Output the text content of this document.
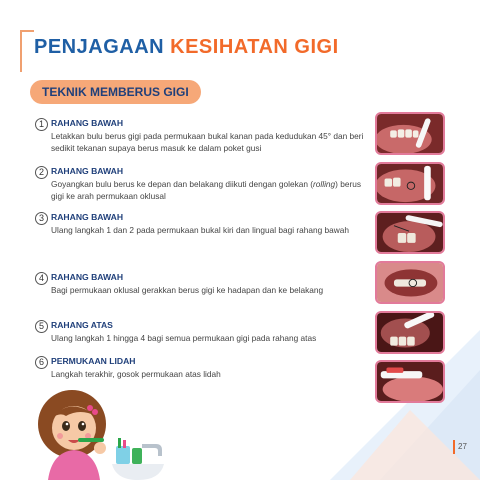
PENJAGAAN KESIHATAN GIGI
TEKNIK MEMBERUS GIGI
1 RAHANG BAWAH
Letakkan bulu berus gigi pada permukaan bukal kanan pada kedudukan 45° dan beri sedikit tekanan supaya berus masuk ke dalam poket gusi
2 RAHANG BAWAH
Goyangkan bulu berus ke depan dan belakang diikuti dengan golekan (rolling) berus gigi ke arah permukaan oklusal
3 RAHANG BAWAH
Ulang langkah 1 dan 2 pada permukaan bukal kiri dan lingual bagi rahang bawah
4 RAHANG BAWAH
Bagi permukaan oklusal gerakkan berus gigi ke hadapan dan ke belakang
5 RAHANG ATAS
Ulang langkah 1 hingga 4 bagi semua permukaan gigi pada rahang atas
6 PERMUKAAN LIDAH
Langkah terakhir, gosok permukaan atas lidah
27
